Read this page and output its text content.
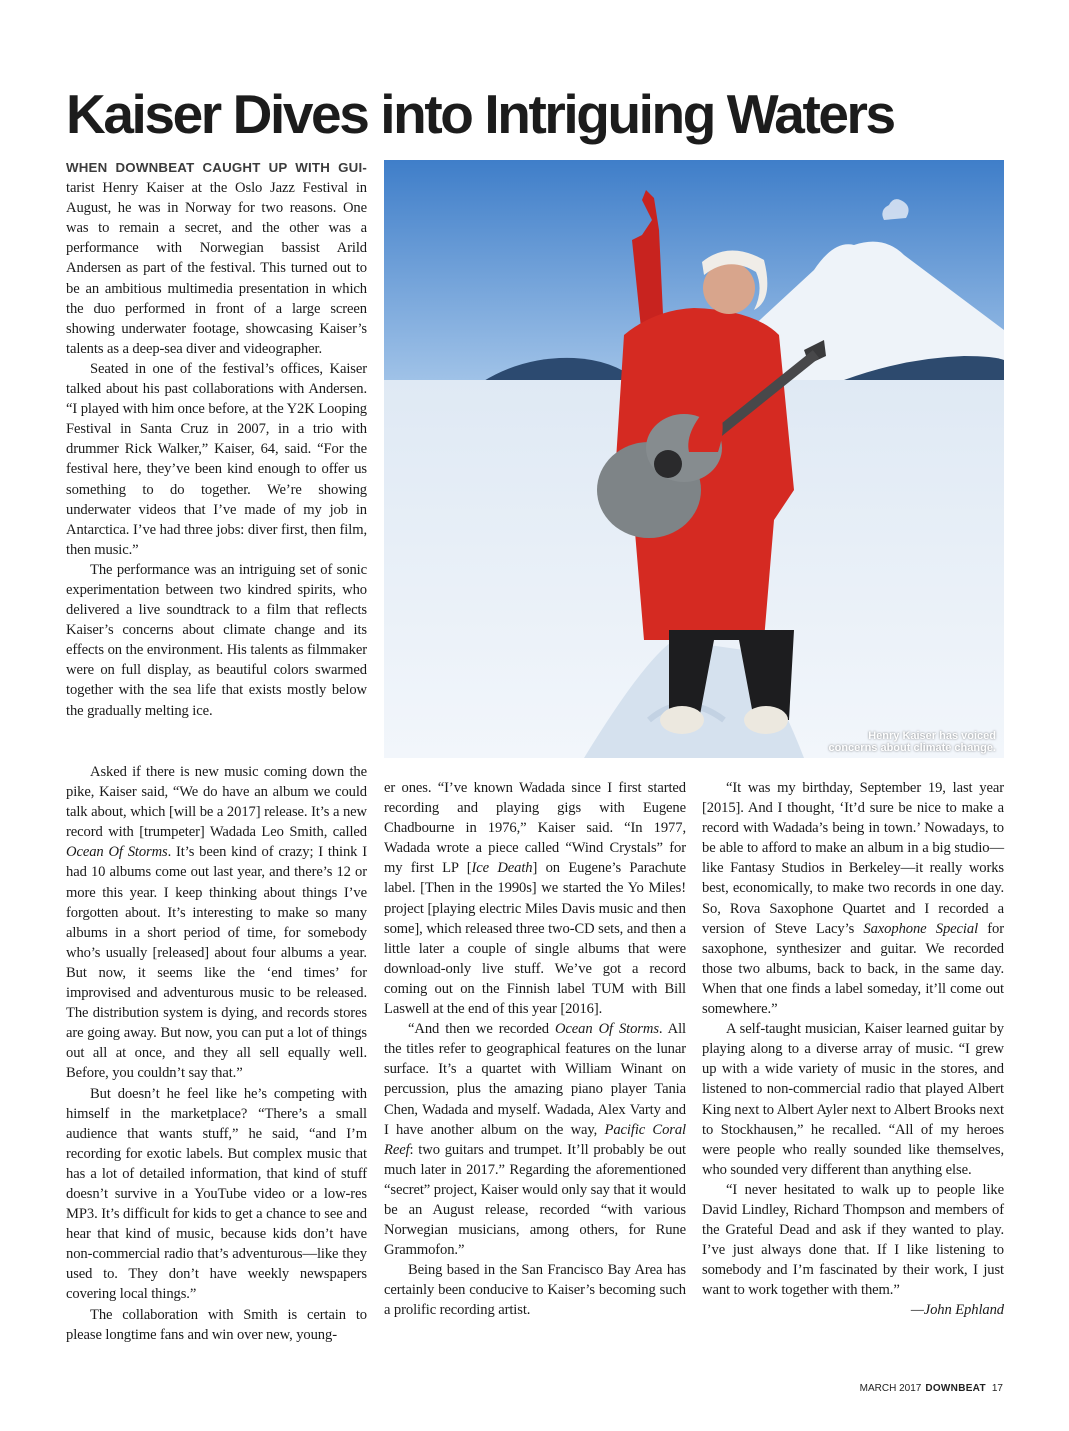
Kaiser Dives into Intriguing Waters

WHEN DOWNBEAT CAUGHT UP WITH GUI- tarist Henry Kaiser at the Oslo Jazz Festival in August, he was in Norway for two reasons. One was to remain a secret, and the other was a performance with Norwegian bassist Arild Andersen as part of the festival. This turned out to be an ambitious multimedia presentation in which the duo performed in front of a large screen showing underwater footage, showcasing Kaiser’s talents as a deep-sea diver and videographer.

Seated in one of the festival’s offices, Kaiser talked about his past collaborations with Andersen. “I played with him once before, at the Y2K Looping Festival in Santa Cruz in 2007, in a trio with drummer Rick Walker,” Kaiser, 64, said. “For the festival here, they’ve been kind enough to offer us something to do together. We’re showing underwater videos that I’ve made of my job in Antarctica. I’ve had three jobs: diver first, then film, then music.”

The performance was an intriguing set of sonic experimentation between two kindred spirits, who delivered a live soundtrack to a film that reflects Kaiser’s concerns about climate change and its effects on the environment. His talents as filmmaker were on full display, as beautiful colors swarmed together with the sea life that exists mostly below the gradually melting ice.

Asked if there is new music coming down the pike, Kaiser said, “We do have an album we could talk about, which [will be a 2017] release. It’s a new record with [trumpeter] Wadada Leo Smith, called Ocean Of Storms. It’s been kind of crazy; I think I had 10 albums come out last year, and there’s 12 or more this year. I keep thinking about things I’ve forgotten about. It’s interesting to make so many albums in a short period of time, for somebody who’s usually [released] about four albums a year. But now, it seems like the ‘end times’ for improvised and adventurous music to be released. The distribution system is dying, and records stores are going away. But now, you can put a lot of things out all at once, and they all sell equally well. Before, you couldn’t say that.”

But doesn’t he feel like he’s competing with himself in the marketplace? “There’s a small audience that wants stuff,” he said, “and I’m recording for exotic labels. But complex music that has a lot of detailed information, that kind of stuff doesn’t survive in a YouTube video or a low-res MP3. It’s difficult for kids to get a chance to see and hear that kind of music, because kids don’t have non-commercial radio that’s adventurous—like they used to. They don’t have weekly newspapers covering local things.”

The collaboration with Smith is certain to please longtime fans and win over new, young-

Henry Kaiser has voiced
concerns about climate change.

er ones. “I’ve known Wadada since I first started recording and playing gigs with Eugene Chadbourne in 1976,” Kaiser said. “In 1977, Wadada wrote a piece called “Wind Crystals” for my first LP [Ice Death] on Eugene’s Parachute label. [Then in the 1990s] we started the Yo Miles! project [playing electric Miles Davis music and then some], which released three two-CD sets, and then a little later a couple of single albums that were download-only live stuff. We’ve got a record coming out on the Finnish label TUM with Bill Laswell at the end of this year [2016].

“And then we recorded Ocean Of Storms. All the titles refer to geographical features on the lunar surface. It’s a quartet with William Winant on percussion, plus the amazing piano player Tania Chen, Wadada and myself. Wadada, Alex Varty and I have another album on the way, Pacific Coral Reef: two guitars and trumpet. It’ll probably be out much later in 2017.” Regarding the aforementioned “secret” project, Kaiser would only say that it would be an August release, recorded “with various Norwegian musicians, among others, for Rune Grammofon.”

Being based in the San Francisco Bay Area has certainly been conducive to Kaiser’s becoming such a prolific recording artist.

“It was my birthday, September 19, last year [2015]. And I thought, ‘It’d sure be nice to make a record with Wadada’s being in town.’ Nowadays, to be able to afford to make an album in a big studio—like Fantasy Studios in Berkeley—it really works best, economically, to make two records in one day. So, Rova Saxophone Quartet and I recorded a version of Steve Lacy’s Saxophone Special for saxophone, synthesizer and guitar. We recorded those two albums, back to back, in the same day. When that one finds a label someday, it’ll come out somewhere.”

A self-taught musician, Kaiser learned guitar by playing along to a diverse array of music. “I grew up with a wide variety of music in the stores, and listened to non-commercial radio that played Albert King next to Albert Ayler next to Albert Brooks next to Stockhausen,” he recalled. “All of my heroes were people who really sounded like themselves, who sounded very different than anything else.

“I never hesitated to walk up to people like David Lindley, Richard Thompson and members of the Grateful Dead and ask if they wanted to play. I’ve just always done that. If I like listening to somebody and I’m fascinated by their work, I just want to work together with them.”

—John Ephland

MARCH 2017 DOWNBEAT 17
